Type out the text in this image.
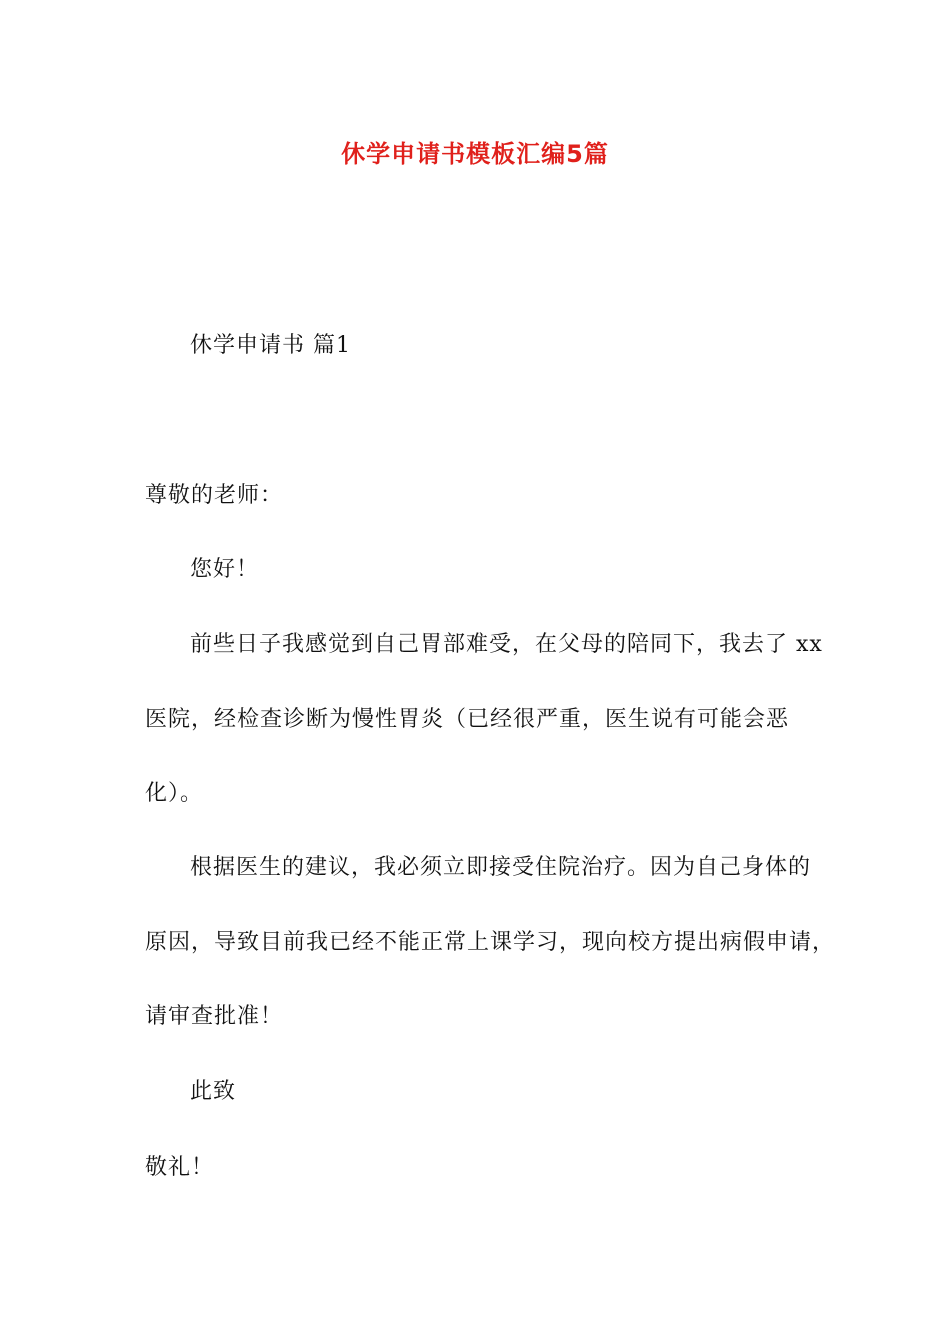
休学申请书模板汇编5篇
休学申请书 篇1
尊敬的老师：
您好！
前些日子我感觉到自己胃部难受，在父母的陪同下，我去了 xx
医院，经检查诊断为慢性胃炎（已经很严重，医生说有可能会恶
化）。
根据医生的建议，我必须立即接受住院治疗。因为自己身体的
原因，导致目前我已经不能正常上课学习，现向校方提出病假申请，
请审查批准！
此致
敬礼！
